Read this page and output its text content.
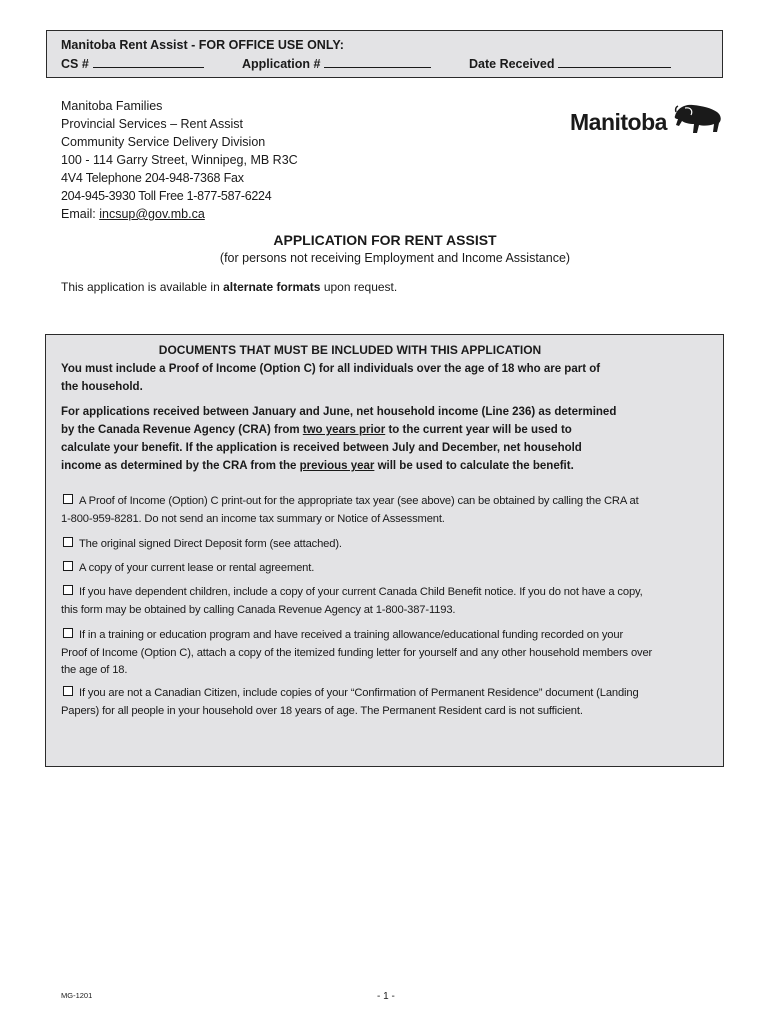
Manitoba Rent Assist - FOR OFFICE USE ONLY:
CS #	Application #	Date Received
Manitoba Families
Provincial Services – Rent Assist
Community Service Delivery Division
100 - 114 Garry Street, Winnipeg, MB R3C
4V4 Telephone 204-948-7368 Fax
204-945-3930 Toll Free 1-877-587-6224
Email: incsup@gov.mb.ca
Manitoba
APPLICATION FOR RENT ASSIST
(for persons not receiving Employment and Income Assistance)
This application is available in alternate formats upon request.
DOCUMENTS THAT MUST BE INCLUDED WITH THIS APPLICATION
You must include a Proof of Income (Option C) for all individuals over the age of 18 who are part of
the household.
For applications received between January and June, net household income (Line 236) as determined
by the Canada Revenue Agency (CRA) from two years prior to the current year will be used to
calculate your benefit. If the application is received between July and December, net household
income as determined by the CRA from the previous year will be used to calculate the benefit.
A Proof of Income (Option) C print-out for the appropriate tax year (see above) can be obtained by calling the CRA at
1-800-959-8281. Do not send an income tax summary or Notice of Assessment.
The original signed Direct Deposit form (see attached).
A copy of your current lease or rental agreement.
If you have dependent children, include a copy of your current Canada Child Benefit notice. If you do not have a copy,
this form may be obtained by calling Canada Revenue Agency at 1-800-387-1193.
If in a training or education program and have received a training allowance/educational funding recorded on your
Proof of Income (Option C), attach a copy of the itemized funding letter for yourself and any other household members over
the age of 18.
If you are not a Canadian Citizen, include copies of your “Confirmation of Permanent Residence” document (Landing
Papers) for all people in your household over 18 years of age. The Permanent Resident card is not sufficient.
MG-1201	- 1 -
